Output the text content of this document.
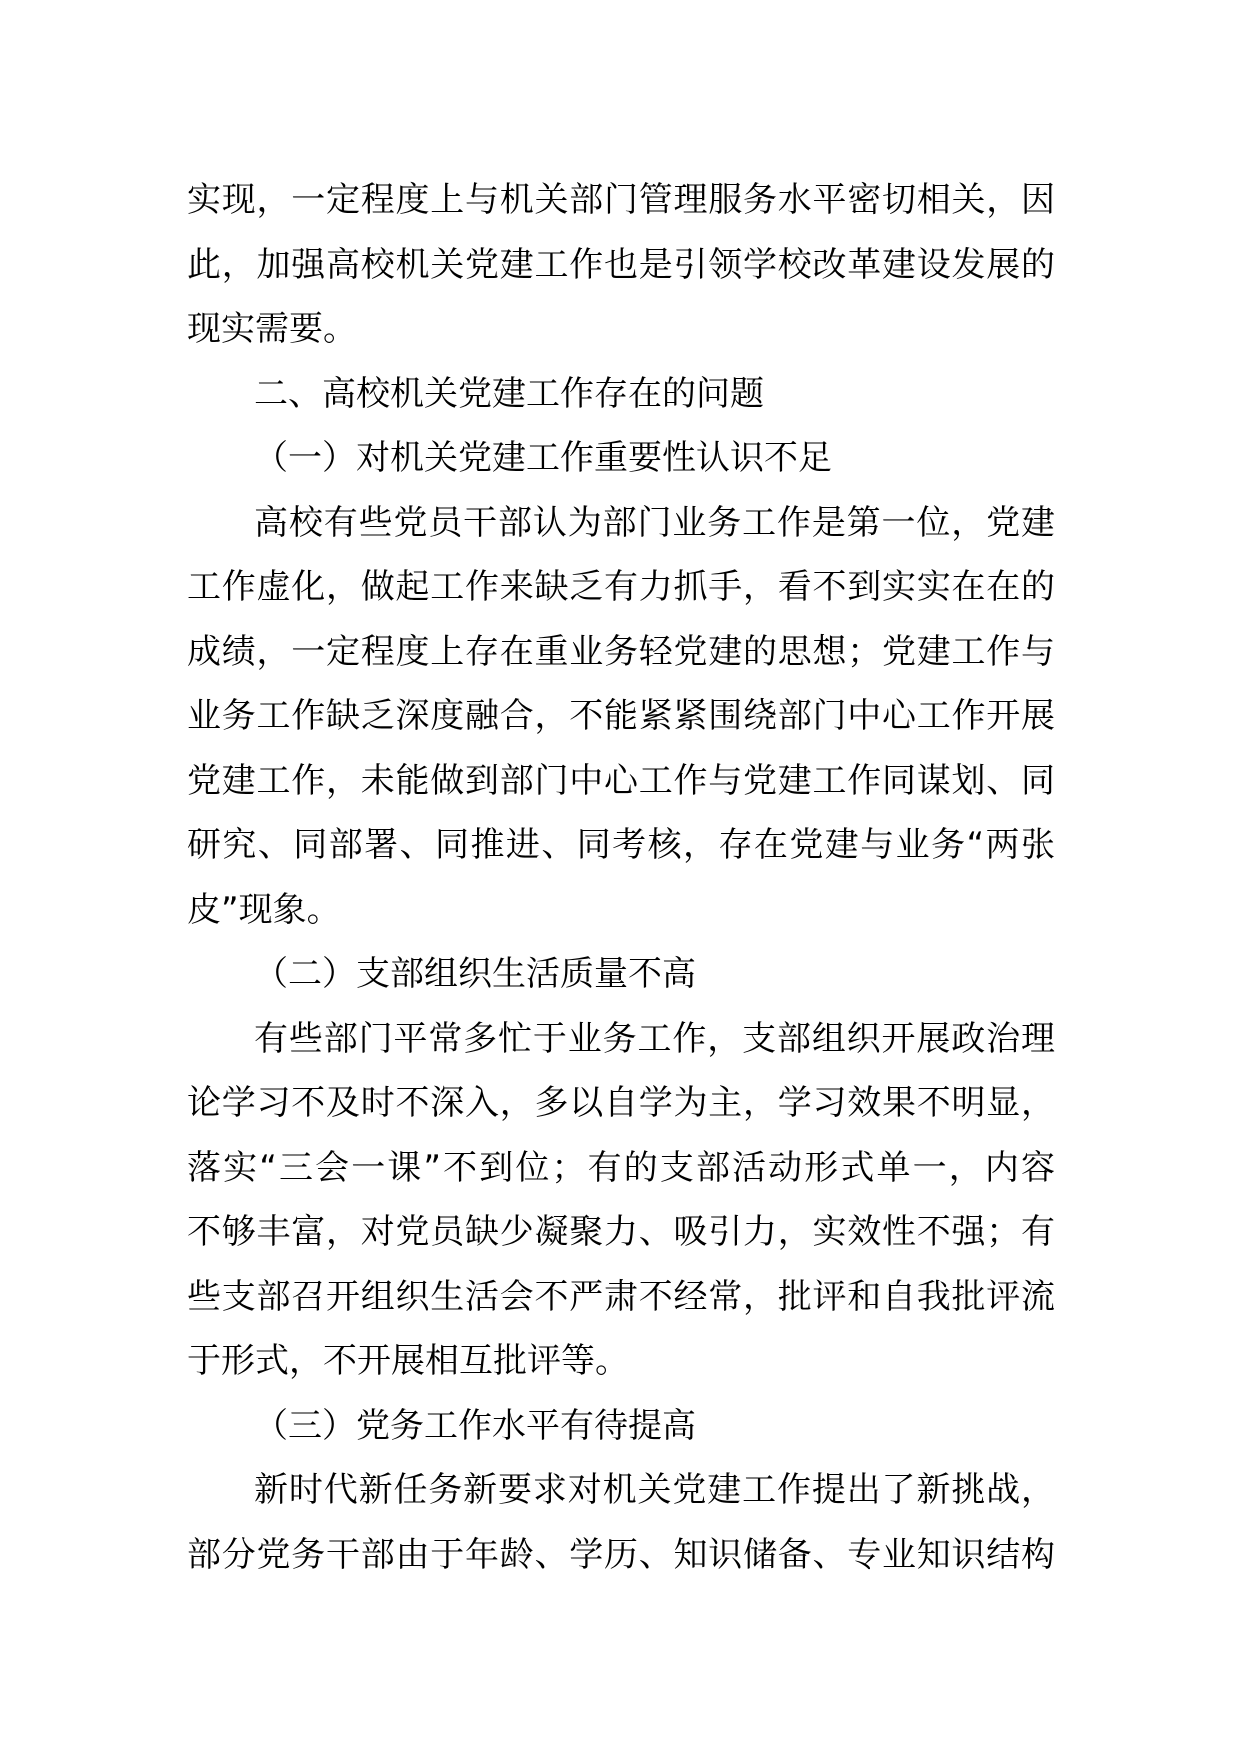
实现，一定程度上与机关部门管理服务水平密切相关，因
此，加强高校机关党建工作也是引领学校改革建设发展的
现实需要。
二、高校机关党建工作存在的问题
（一）对机关党建工作重要性认识不足
高校有些党员干部认为部门业务工作是第一位，党建
工作虚化，做起工作来缺乏有力抓手，看不到实实在在的
成绩，一定程度上存在重业务轻党建的思想；党建工作与
业务工作缺乏深度融合，不能紧紧围绕部门中心工作开展
党建工作，未能做到部门中心工作与党建工作同谋划、同
研究、同部署、同推进、同考核，存在党建与业务“两张
皮”现象。
（二）支部组织生活质量不高
有些部门平常多忙于业务工作，支部组织开展政治理
论学习不及时不深入，多以自学为主，学习效果不明显，
落实“三会一课”不到位；有的支部活动形式单一，内容
不够丰富，对党员缺少凝聚力、吸引力，实效性不强；有
些支部召开组织生活会不严肃不经常，批评和自我批评流
于形式，不开展相互批评等。
（三）党务工作水平有待提高
新时代新任务新要求对机关党建工作提出了新挑战，
部分党务干部由于年龄、学历、知识储备、专业知识结构
